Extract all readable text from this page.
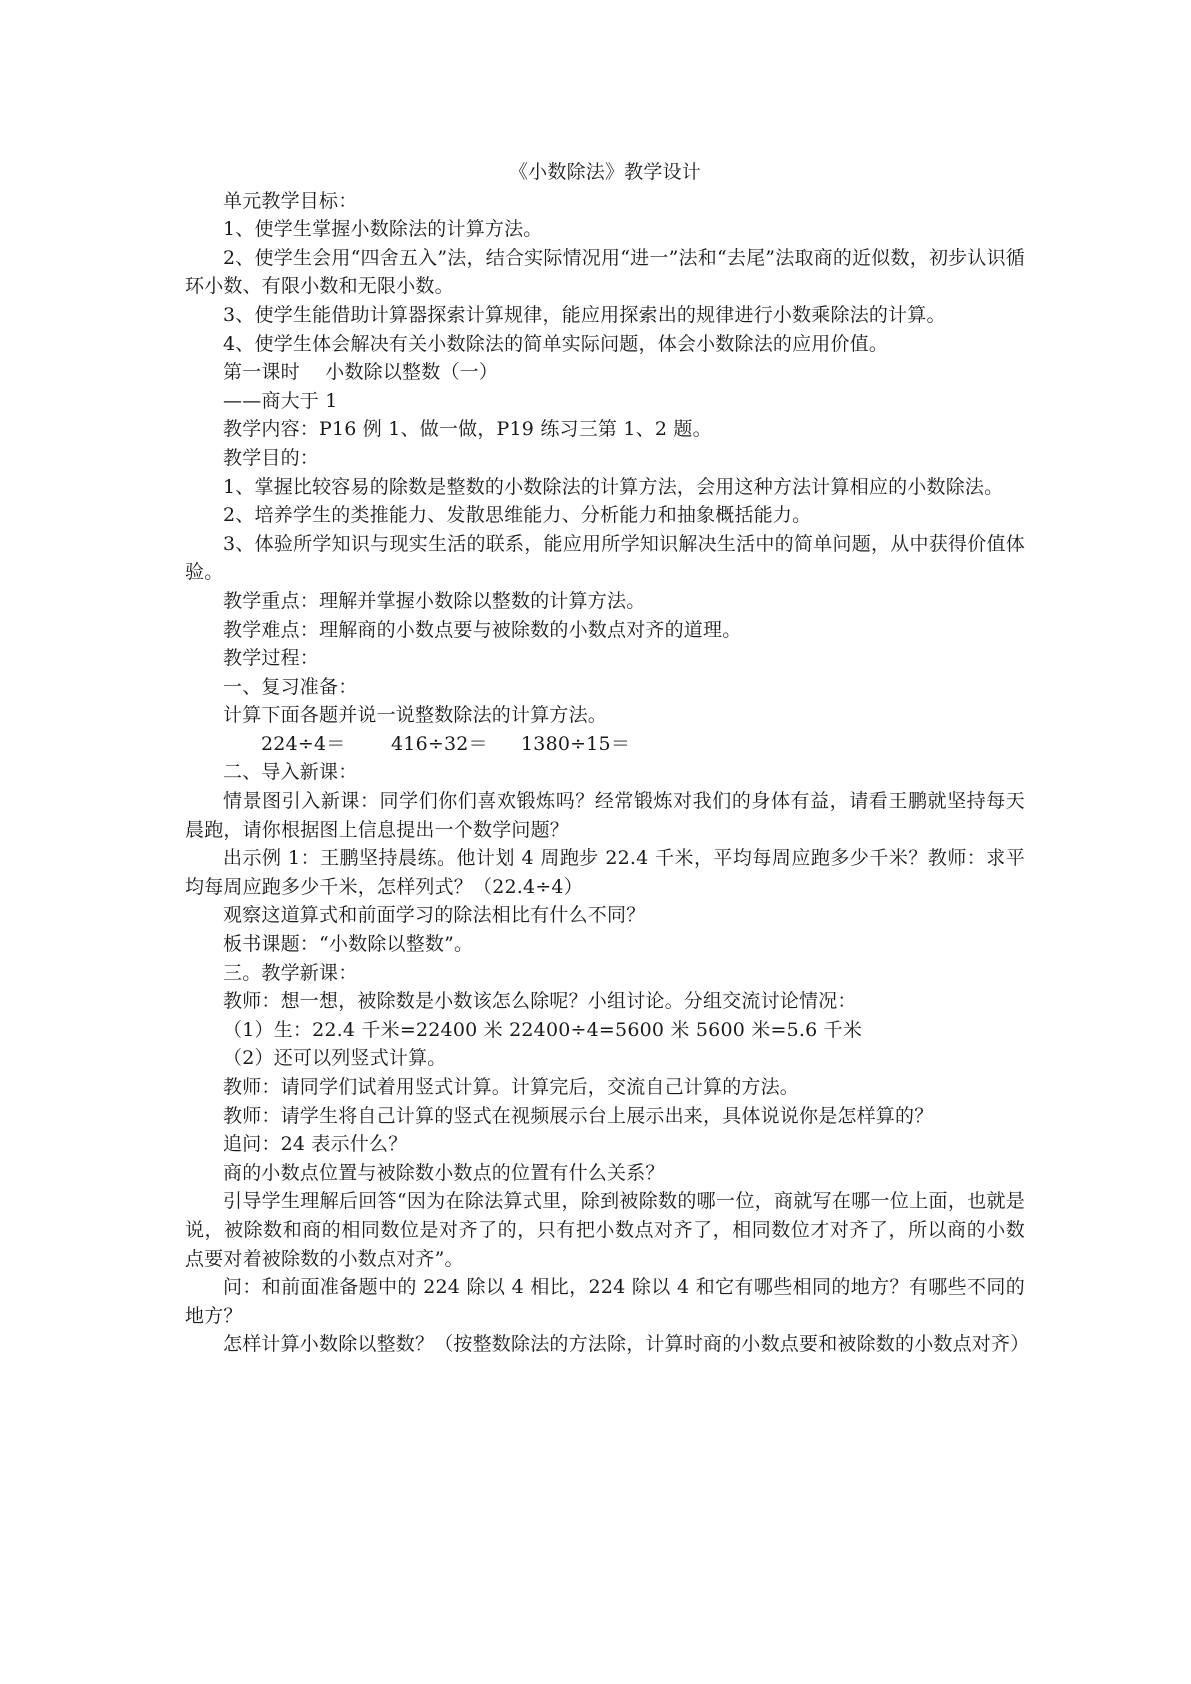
《小数除法》教学设计

单元教学目标：

1、使学生掌握小数除法的计算方法。

2、使学生会用“四舍五入”法，结合实际情况用“进一”法和“去尾”法取商的近似数，初步认识循环小数、有限小数和无限小数。

3、使学生能借助计算器探索计算规律，能应用探索出的规律进行小数乘除法的计算。

4、使学生体会解决有关小数除法的简单实际问题，体会小数除法的应用价值。

第一课时　 小数除以整数（一）

——商大于 1

教学内容：P16 例 1、做一做，P19 练习三第 1、2 题。

教学目的：

1、掌握比较容易的除数是整数的小数除法的计算方法，会用这种方法计算相应的小数除法。

2、培养学生的类推能力、发散思维能力、分析能力和抽象概括能力。

3、体验所学知识与现实生活的联系，能应用所学知识解决生活中的简单问题，从中获得价值体验。

教学重点：理解并掌握小数除以整数的计算方法。

教学难点：理解商的小数点要与被除数的小数点对齐的道理。

教学过程：

一、复习准备：

计算下面各题并说一说整数除法的计算方法。

224÷4＝ 416÷32＝ 1380÷15＝

二、导入新课：

情景图引入新课：同学们你们喜欢锻炼吗？经常锻炼对我们的身体有益，请看王鹏就坚持每天晨跑，请你根据图上信息提出一个数学问题？

出示例 1：王鹏坚持晨练。他计划 4 周跑步 22.4 千米，平均每周应跑多少千米？教师：求平均每周应跑多少千米，怎样列式？（22.4÷4）

观察这道算式和前面学习的除法相比有什么不同？

板书课题：“小数除以整数”。

三。教学新课：

教师：想一想，被除数是小数该怎么除呢？小组讨论。分组交流讨论情况：

（1）生：22.4 千米=22400 米 22400÷4=5600 米 5600 米=5.6 千米

（2）还可以列竖式计算。

教师：请同学们试着用竖式计算。计算完后，交流自己计算的方法。

教师：请学生将自己计算的竖式在视频展示台上展示出来，具体说说你是怎样算的？

追问：24 表示什么？

商的小数点位置与被除数小数点的位置有什么关系？

引导学生理解后回答“因为在除法算式里，除到被除数的哪一位，商就写在哪一位上面，也就是说，被除数和商的相同数位是对齐了的，只有把小数点对齐了，相同数位才对齐了，所以商的小数点要对着被除数的小数点对齐”。

问：和前面准备题中的 224 除以 4 相比，224 除以 4 和它有哪些相同的地方？有哪些不同的地方？

怎样计算小数除以整数？（按整数除法的方法除，计算时商的小数点要和被除数的小数点对齐）
